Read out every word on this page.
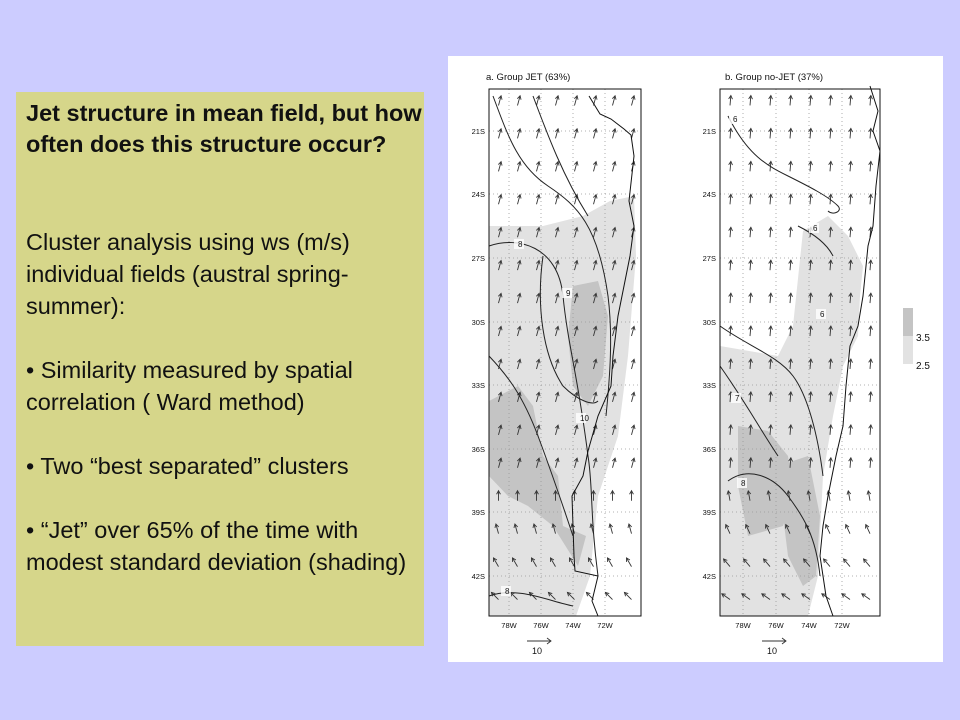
Jet structure in mean field, but how often does this structure occur?
Cluster analysis using ws (m/s) individual fields (austral spring-summer):
• Similarity measured by spatial correlation ( Ward method)
• Two “best separated” clusters
• “Jet” over 65% of the time with modest standard deviation (shading)
a. Group JET (63%)
8
9
10
8
21S
24S
27S
30S
33S
36S
39S
42S
78W 76W 74W 72W
10
b. Group no-JET (37%)
6
6
6
7
8
21S
24S
27S
30S
33S
36S
39S
42S
78W 76W 74W 72W
10
3.5
2.5
